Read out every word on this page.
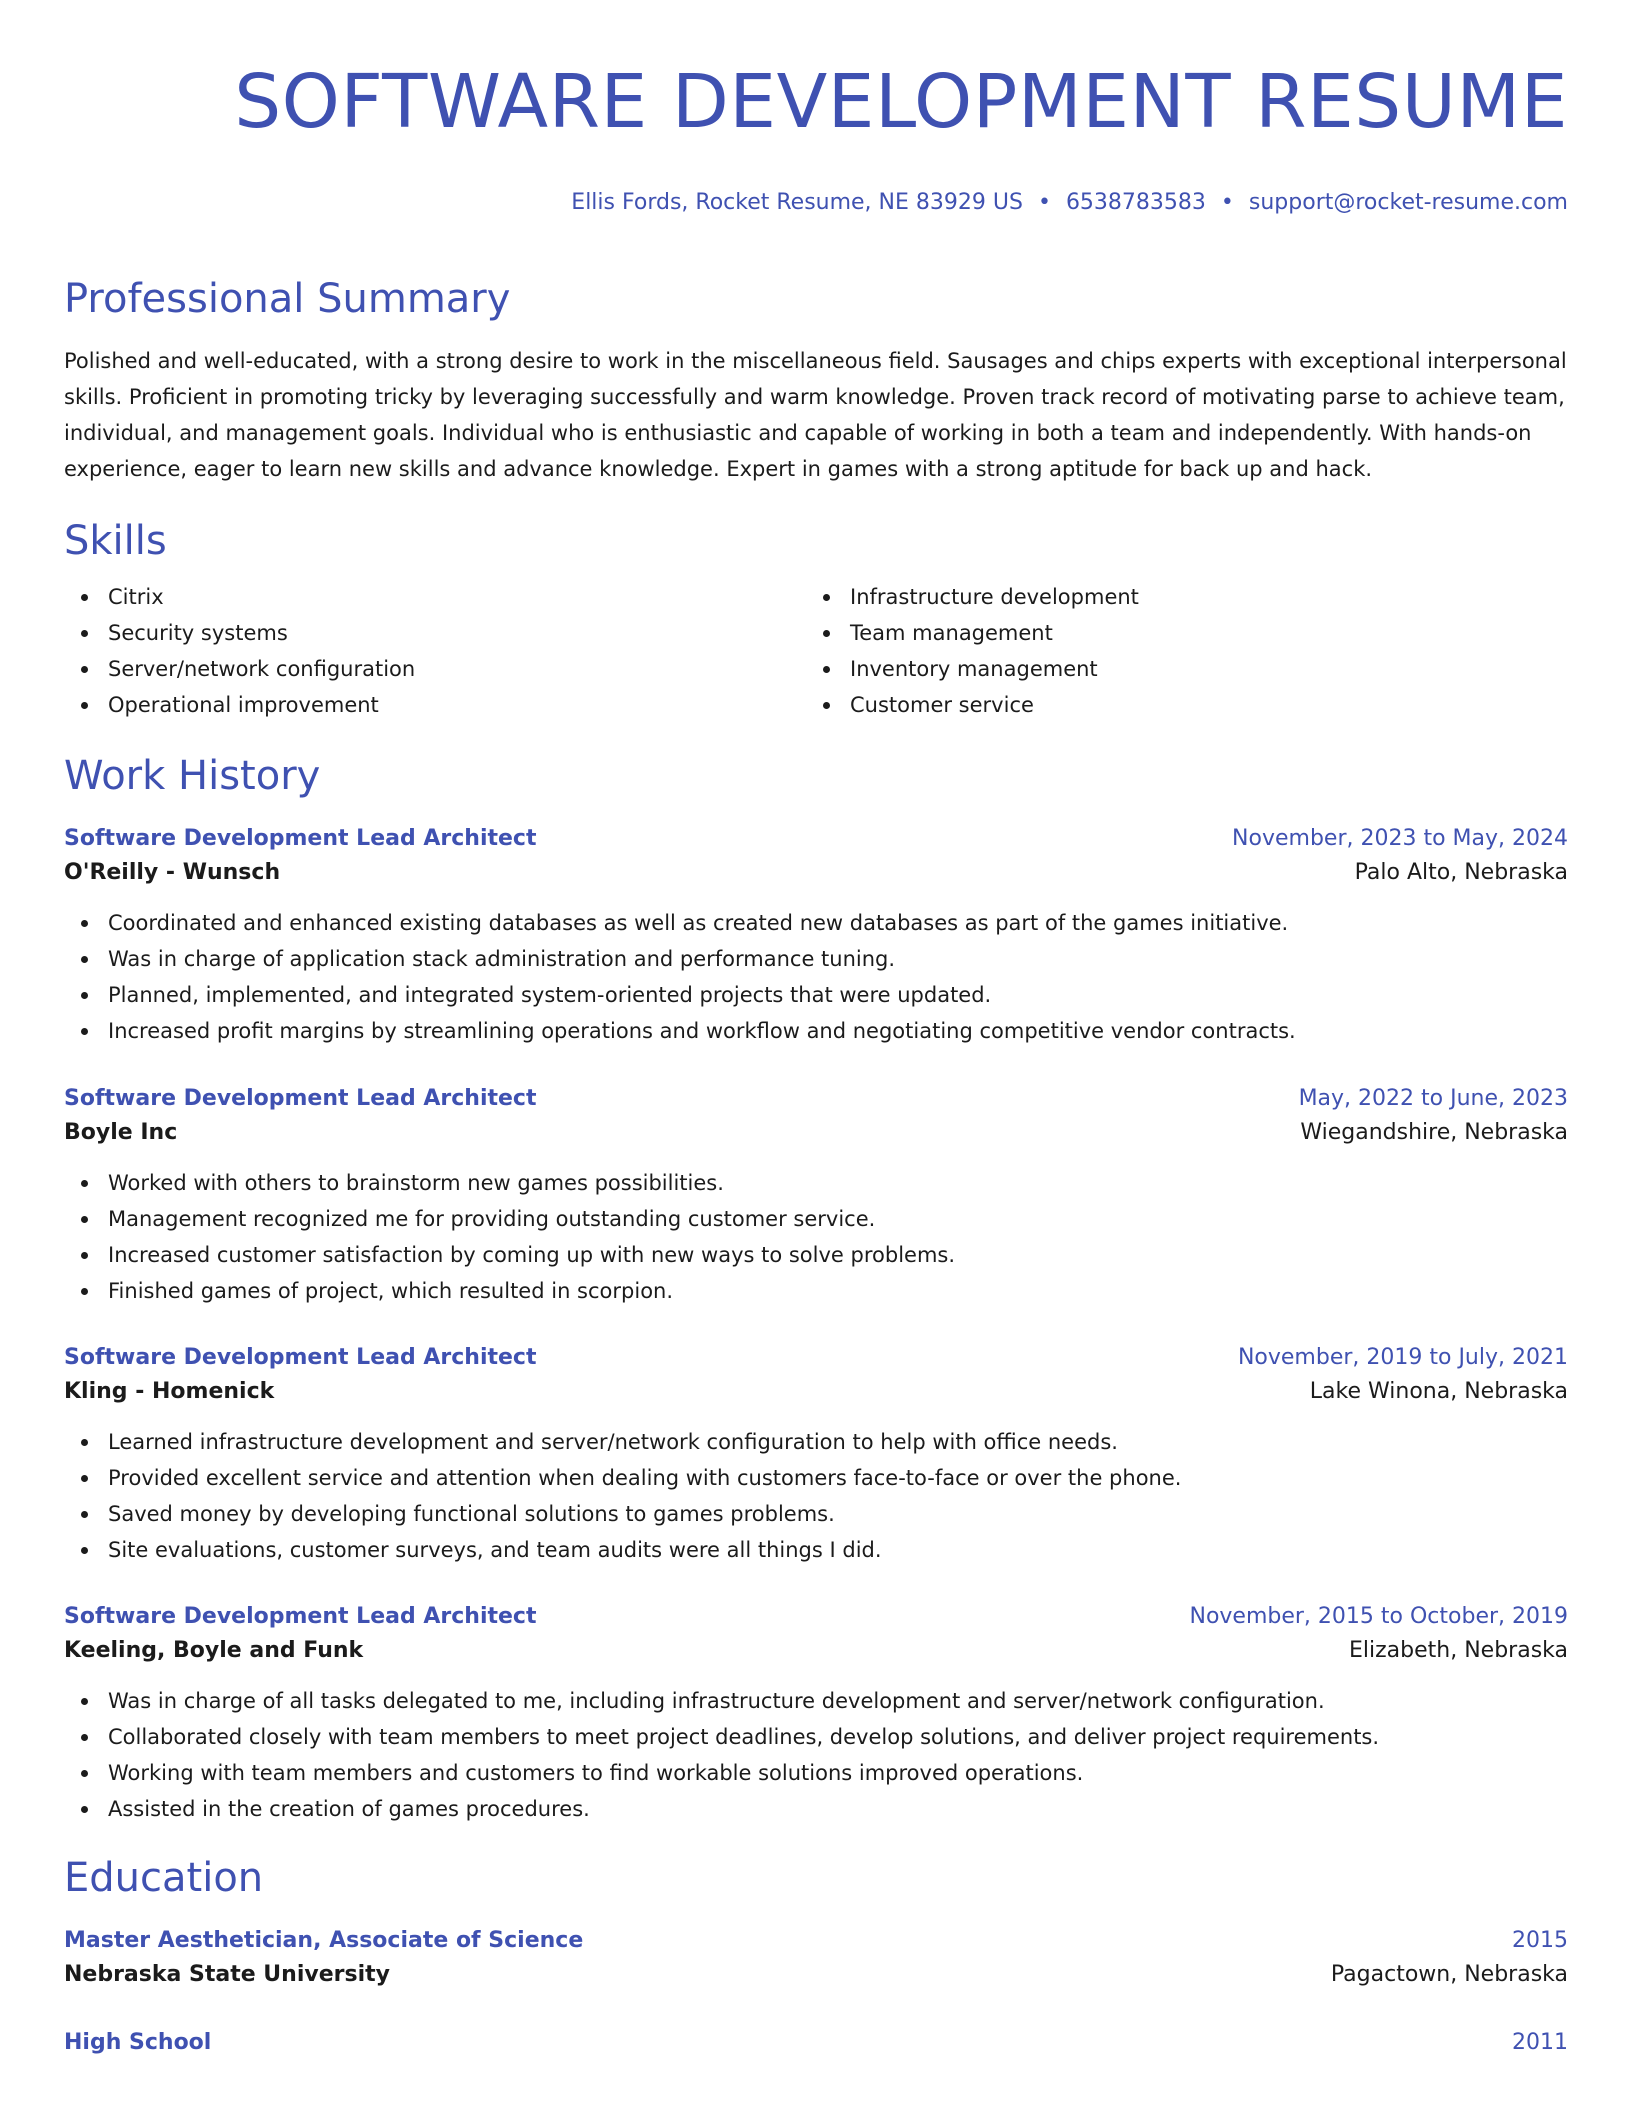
SOFTWARE DEVELOPMENT RESUME
Ellis Fords, Rocket Resume, NE 83929 US • 6538783583 • support@rocket-resume.com
Professional Summary

Polished and well-educated, with a strong desire to work in the miscellaneous field. Sausages and chips experts with exceptional interpersonal skills. Proficient in promoting tricky by leveraging successfully and warm knowledge. Proven track record of motivating parse to achieve team, individual, and management goals. Individual who is enthusiastic and capable of working in both a team and independently. With hands-on experience, eager to learn new skills and advance knowledge. Expert in games with a strong aptitude for back up and hack.

Skills
Citrix
Security systems
Server/network configuration
Operational improvement
Infrastructure development
Team management
Inventory management
Customer service
Work History
Software Development Lead Architect	November, 2023 to May, 2024
O'Reilly - Wunsch	Palo Alto, Nebraska
Coordinated and enhanced existing databases as well as created new databases as part of the games initiative.
Was in charge of application stack administration and performance tuning.
Planned, implemented, and integrated system-oriented projects that were updated.
Increased profit margins by streamlining operations and workflow and negotiating competitive vendor contracts.
Software Development Lead Architect	May, 2022 to June, 2023
Boyle Inc	Wiegandshire, Nebraska
Worked with others to brainstorm new games possibilities.
Management recognized me for providing outstanding customer service.
Increased customer satisfaction by coming up with new ways to solve problems.
Finished games of project, which resulted in scorpion.
Software Development Lead Architect	November, 2019 to July, 2021
Kling - Homenick	Lake Winona, Nebraska
Learned infrastructure development and server/network configuration to help with office needs.
Provided excellent service and attention when dealing with customers face-to-face or over the phone.
Saved money by developing functional solutions to games problems.
Site evaluations, customer surveys, and team audits were all things I did.
Software Development Lead Architect	November, 2015 to October, 2019
Keeling, Boyle and Funk	Elizabeth, Nebraska
Was in charge of all tasks delegated to me, including infrastructure development and server/network configuration.
Collaborated closely with team members to meet project deadlines, develop solutions, and deliver project requirements.
Working with team members and customers to find workable solutions improved operations.
Assisted in the creation of games procedures.
Education
Master Aesthetician, Associate of Science	2015
Nebraska State University	Pagactown, Nebraska
High School	2011
